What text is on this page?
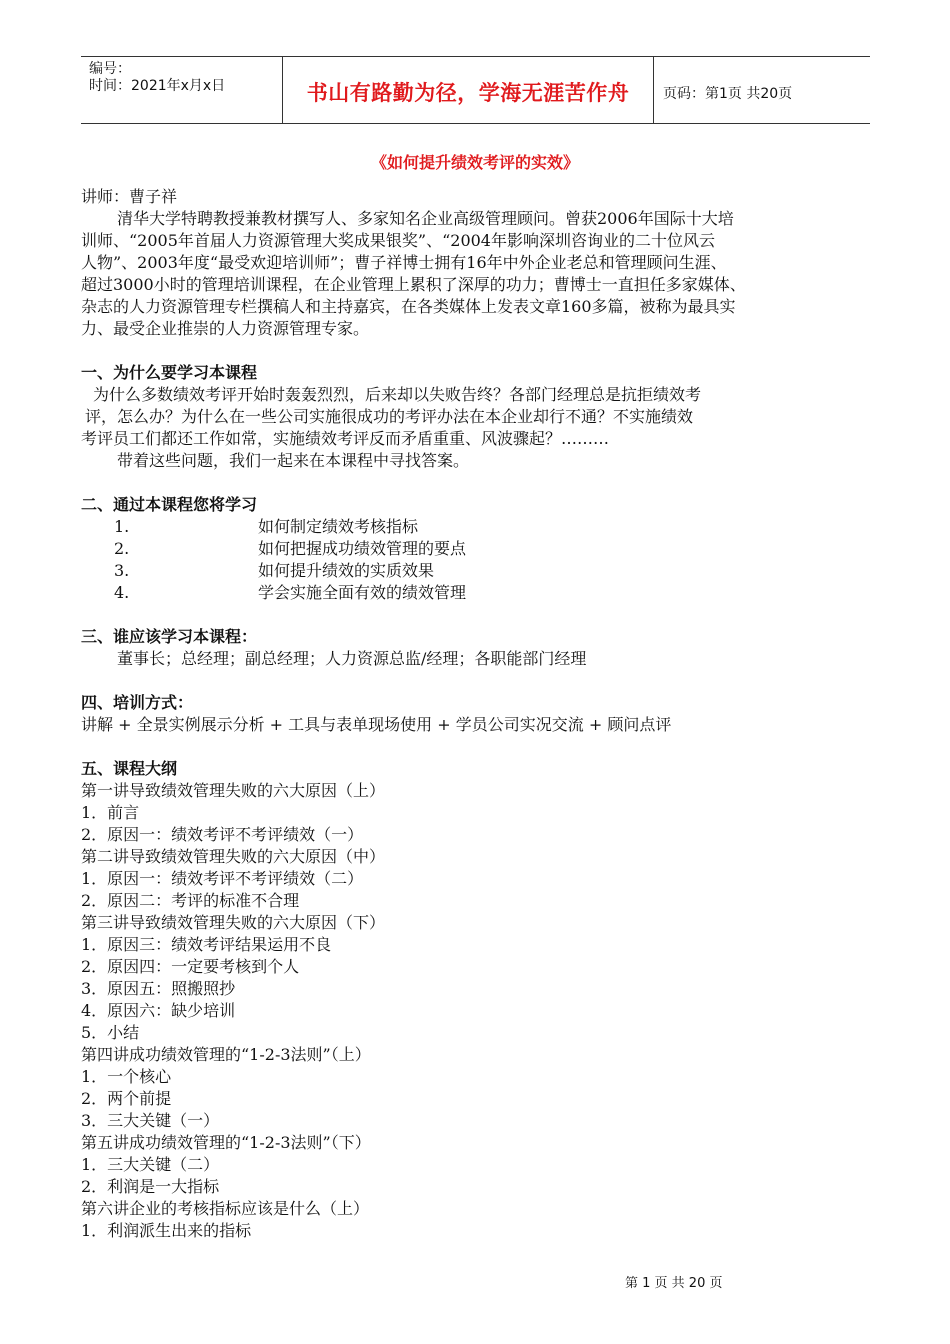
编号：
时间：2021年x月x日	书山有路勤为径，学海无涯苦作舟	页码：第1页 共20页
《如何提升绩效考评的实效》
讲师：曹子祥
清华大学特聘教授兼教材撰写人、多家知名企业高级管理顾问。曾获2006年国际十大培
训师、“2005年首届人力资源管理大奖成果银奖”、“2004年影响深圳咨询业的二十位风云
人物”、2003年度“最受欢迎培训师”；曹子祥博士拥有16年中外企业老总和管理顾问生涯、
超过3000小时的管理培训课程，在企业管理上累积了深厚的功力；曹博士一直担任多家媒体、
杂志的人力资源管理专栏撰稿人和主持嘉宾，在各类媒体上发表文章160多篇，被称为最具实
力、最受企业推崇的人力资源管理专家。
一、为什么要学习本课程
为什么多数绩效考评开始时轰轰烈烈，后来却以失败告终？各部门经理总是抗拒绩效考
评，怎么办？为什么在一些公司实施很成功的考评办法在本企业却行不通？不实施绩效
考评员工们都还工作如常，实施绩效考评反而矛盾重重、风波骤起？………
带着这些问题，我们一起来在本课程中寻找答案。
二、通过本课程您将学习
1.	如何制定绩效考核指标
2.	如何把握成功绩效管理的要点
3.	如何提升绩效的实质效果
4.	学会实施全面有效的绩效管理
三、谁应该学习本课程：
董事长；总经理；副总经理；人力资源总监/经理；各职能部门经理
四、培训方式：
讲解 + 全景实例展示分析 + 工具与表单现场使用 + 学员公司实况交流 + 顾问点评
五、课程大纲
第一讲导致绩效管理失败的六大原因（上）
1．前言
2．原因一：绩效考评不考评绩效（一）
第二讲导致绩效管理失败的六大原因（中）
1．原因一：绩效考评不考评绩效（二）
2．原因二：考评的标准不合理
第三讲导致绩效管理失败的六大原因（下）
1．原因三：绩效考评结果运用不良
2．原因四：一定要考核到个人
3．原因五：照搬照抄
4．原因六：缺少培训
5．小结
第四讲成功绩效管理的“1-2-3法则”（上）
1．一个核心
2．两个前提
3．三大关键（一）
第五讲成功绩效管理的“1-2-3法则”（下）
1．三大关键（二）
2．利润是一大指标
第六讲企业的考核指标应该是什么（上）
1．利润派生出来的指标
第 1 页 共 20 页
